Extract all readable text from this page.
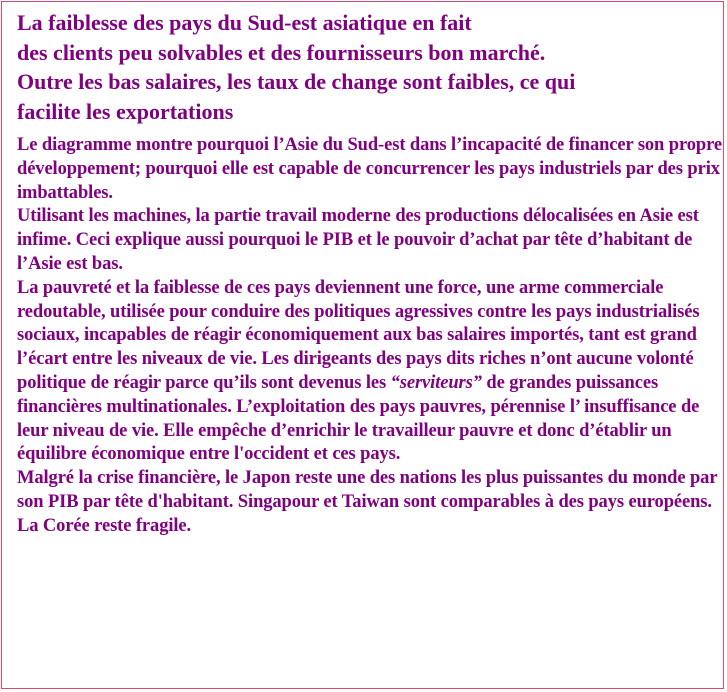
La faiblesse des pays du Sud-est asiatique en fait
des clients peu solvables et des fournisseurs bon marché.
Outre les bas salaires, les taux de change sont faibles, ce qui
facilite les exportations

Le diagramme montre pourquoi l’Asie du Sud-est dans l’incapacité de financer son propre développement; pourquoi elle est capable de concurrencer les pays industriels par des prix imbattables.

Utilisant les machines, la partie travail moderne des productions délocalisées en Asie est infime. Ceci explique aussi pourquoi le PIB et le pouvoir d’achat par tête d’habitant de l’Asie est bas.

La pauvreté et la faiblesse de ces pays deviennent une force, une arme commerciale redoutable, utilisée pour conduire des politiques agressives contre les pays industrialisés sociaux, incapables de réagir économiquement aux bas salaires importés, tant est grand l’écart entre les niveaux de vie. Les dirigeants des pays dits riches n’ont aucune volonté politique de réagir parce qu’ils sont devenus les “serviteurs” de grandes puissances financières multinationales. L’exploitation des pays pauvres, pérennise l’ insuffisance de leur niveau de vie. Elle empêche d’enrichir le travailleur pauvre et donc d’établir un équilibre économique entre l'occident et ces pays.

Malgré la crise financière, le Japon reste une des nations les plus puissantes du monde par son PIB par tête d'habitant. Singapour et Taiwan sont comparables à des pays européens. La Corée reste fragile.
